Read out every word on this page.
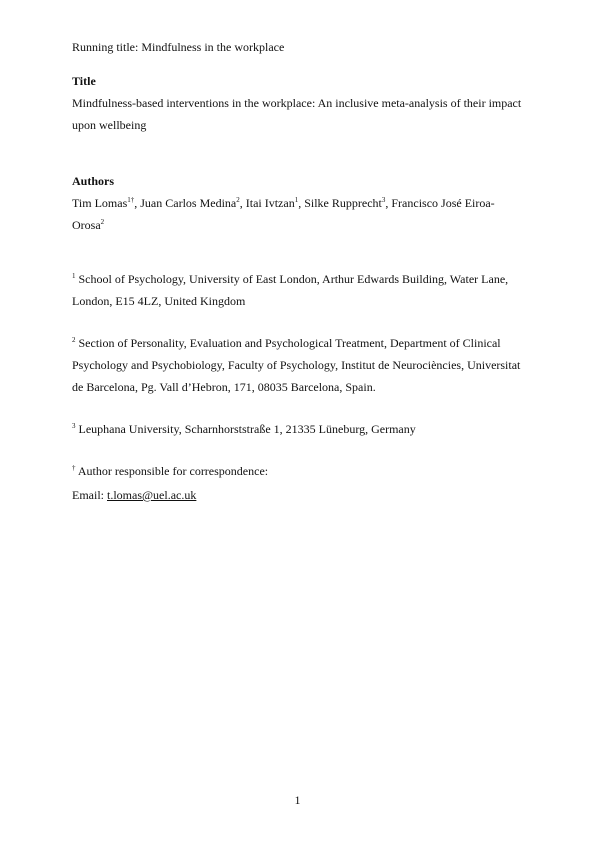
Running title: Mindfulness in the workplace

Title

Mindfulness-based interventions in the workplace: An inclusive meta-analysis of their impact
upon wellbeing

Authors

Tim Lomas$^{1\dagger}$, Juan Carlos Medina$^2$, Itai Ivtzan$^1$, Silke Rupprecht$^3$, Francisco José Eiroa-Orosa$^2$

$^1$ School of Psychology, University of East London, Arthur Edwards Building, Water Lane,
London, E15 4LZ, United Kingdom

$^2$ Section of Personality, Evaluation and Psychological Treatment, Department of Clinical
Psychology and Psychobiology, Faculty of Psychology, Institut de Neurociències, Universitat
de Barcelona, Pg. Vall d’Hebron, 171, 08035 Barcelona, Spain.

$^3$ Leuphana University, Scharnhorststraße 1, 21335 Lüneburg, Germany

† Author responsible for correspondence:

Email: t.lomas@uel.ac.uk

1
